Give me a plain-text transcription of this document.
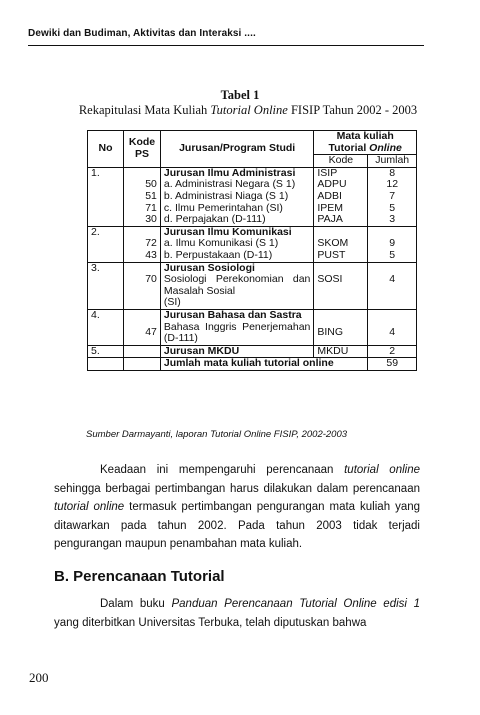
Dewiki dan Budiman, Aktivitas dan Interaksi ....
Tabel 1
Rekapitulasi Mata Kuliah Tutorial Online FISIP Tahun 2002 - 2003
No	Kode PS	Jurusan/Program Studi	Mata kuliah
Tutorial Online	

			Kode	Jumlah
1.		Jurusan Ilmu Administrasi	ISIP	8
	50	a. Administrasi Negara (S 1)	ADPU	12
	51	b. Administrasi Niaga (S 1)	ADBI	7
	71	c. Ilmu Pemerintahan (SI)	IPEM	5
	30	d. Perpajakan (D-111)	PAJA	3
2.		Jurusan Ilmu Komunikasi		
	72	a. Ilmu Komunikasi (S 1)	SKOM	9
	43	b. Perpustakaan (D-11)	PUST	5
3.		Jurusan Sosiologi		
	70	Sosiologi Perekonomian dan
Masalah Sosial
(SI)	SOSI	4
4.		Jurusan Bahasa dan Sastra		
	47	Bahasa Inggris Penerjemahan
(D-111)	BING	4
5.		Jurusan MKDU	MKDU	2
		Jumlah mata kuliah tutorial online		59
Sumber Darmayanti, laporan Tutorial Online FISIP, 2002-2003
Keadaan ini mempengaruhi perencanaan tutorial online sehingga berbagai pertimbangan harus dilakukan dalam perencanaan tutorial online termasuk pertimbangan pengurangan mata kuliah yang ditawarkan pada tahun 2002. Pada tahun 2003 tidak terjadi pengurangan maupun penambahan mata kuliah.
B. Perencanaan Tutorial
Dalam buku Panduan Perencanaan Tutorial Online edisi 1 yang diterbitkan Universitas Terbuka, telah diputuskan bahwa
200
